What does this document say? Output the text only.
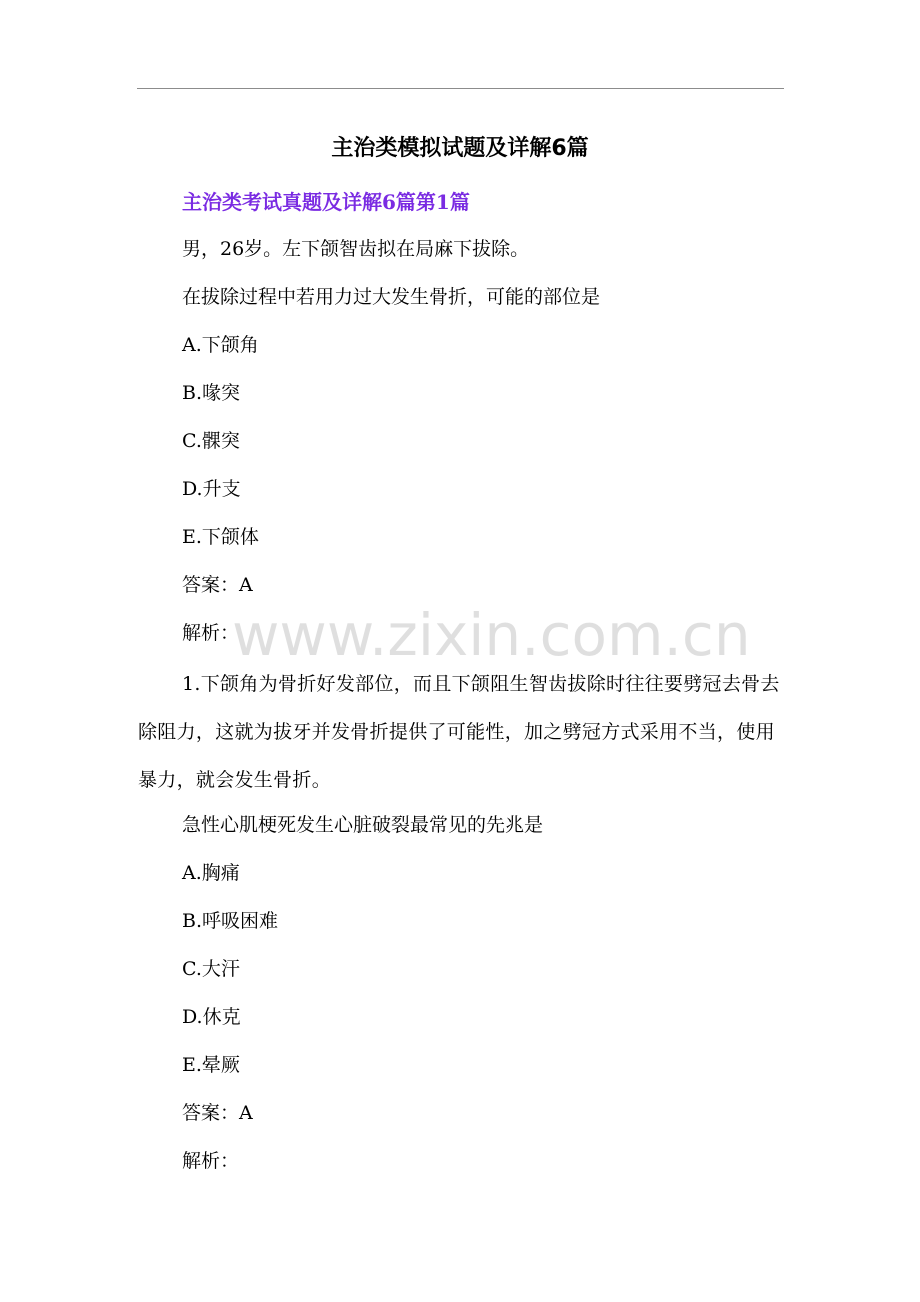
主治类模拟试题及详解6篇
主治类考试真题及详解6篇第1篇

男，26岁。左下颌智齿拟在局麻下拔除。

在拔除过程中若用力过大发生骨折，可能的部位是

A.下颌角

B.喙突

C.髁突

D.升支

E.下颌体

答案：A

解析：

1.下颌角为骨折好发部位，而且下颌阻生智齿拔除时往往要劈冠去骨去除阻力，这就为拔牙并发骨折提供了可能性，加之劈冠方式采用不当，使用暴力，就会发生骨折。

急性心肌梗死发生心脏破裂最常见的先兆是

A.胸痛

B.呼吸困难

C.大汗

D.休克

E.晕厥

答案：A

解析：

www.zixin.com.cn
